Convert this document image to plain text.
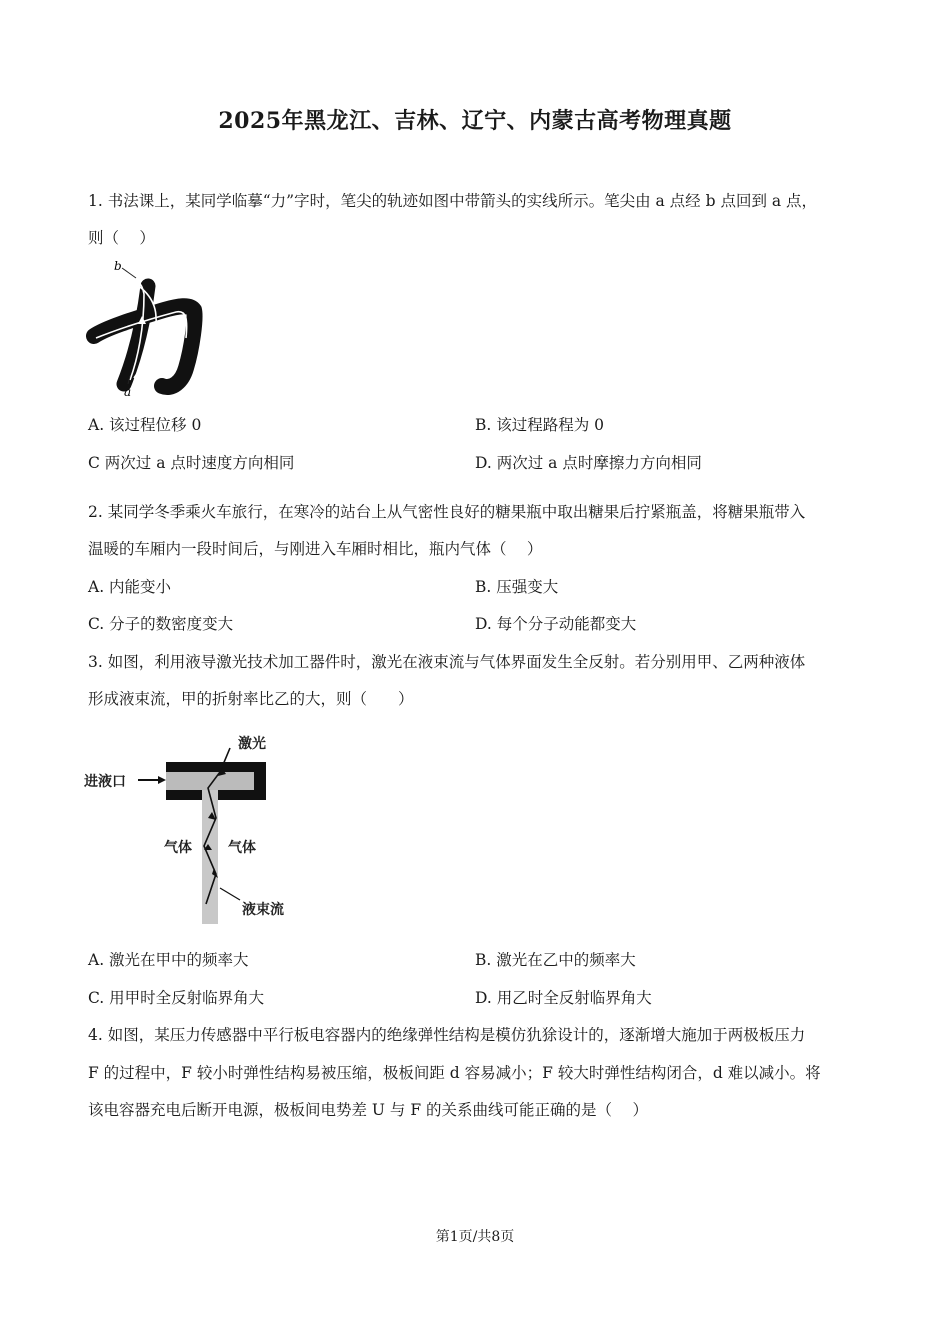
2025年黑龙江、吉林、辽宁、内蒙古高考物理真题
1. 书法课上，某同学临摹“力”字时，笔尖的轨迹如图中带箭头的实线所示。笔尖由 a 点经 b 点回到 a 点，
则（　 ）
b
a
A. 该过程位移 0	B. 该过程路程为 0
C 两次过 a 点时速度方向相同	D. 两次过 a 点时摩擦力方向相同
2. 某同学冬季乘火车旅行，在寒冷的站台上从气密性良好的糖果瓶中取出糖果后拧紧瓶盖，将糖果瓶带入
温暖的车厢内一段时间后，与刚进入车厢时相比，瓶内气体（　 ）
A. 内能变小	B. 压强变大
C. 分子的数密度变大	D. 每个分子动能都变大
3. 如图，利用液导激光技术加工器件时，激光在液束流与气体界面发生全反射。若分别用甲、乙两种液体
形成液束流，甲的折射率比乙的大，则（　　）
激光
进液口
气体	气体
液束流
A. 激光在甲中的频率大	B. 激光在乙中的频率大
C. 用甲时全反射临界角大	D. 用乙时全反射临界角大
4. 如图，某压力传感器中平行板电容器内的绝缘弹性结构是模仿犰狳设计的，逐渐增大施加于两极板压力
F 的过程中，F 较小时弹性结构易被压缩，极板间距 d 容易减小；F 较大时弹性结构闭合，d 难以减小。将
该电容器充电后断开电源，极板间电势差 U 与 F 的关系曲线可能正确的是（　 ）
第1页/共8页
